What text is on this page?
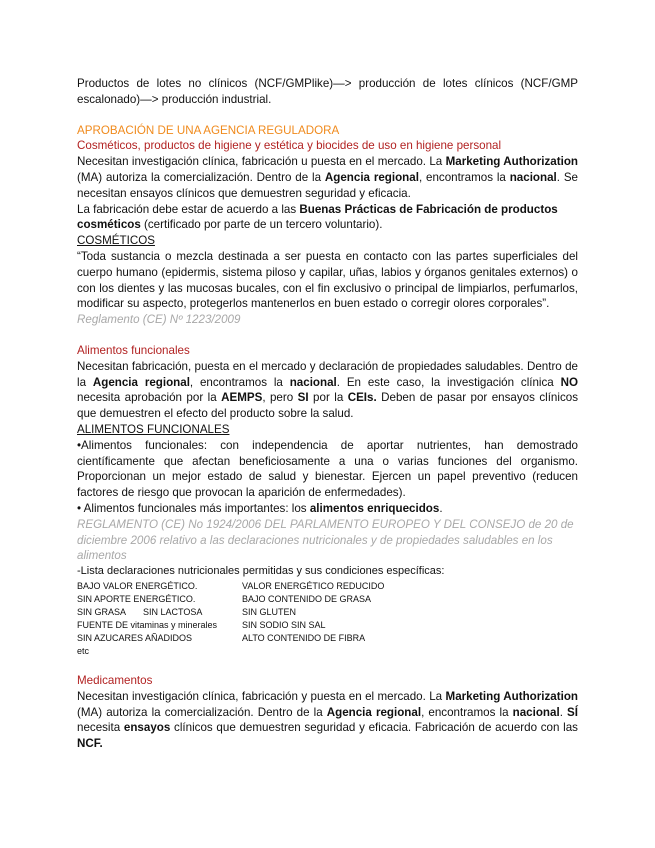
Productos de lotes no clínicos (NCF/GMPlike)—> producción de lotes clínicos (NCF/GMP escalonado)—> producción industrial.

APROBACIÓN DE UNA AGENCIA REGULADORA

Cosméticos, productos de higiene y estética y biocides de uso en higiene personal

Necesitan investigación clínica, fabricación u puesta en el mercado. La Marketing Authorization (MA) autoriza la comercialización. Dentro de la Agencia regional, encontramos la nacional. Se necesitan ensayos clínicos que demuestren seguridad y eficacia.

La fabricación debe estar de acuerdo a las Buenas Prácticas de Fabricación de productos cosméticos (certificado por parte de un tercero voluntario).

COSMÉTICOS

“Toda sustancia o mezcla destinada a ser puesta en contacto con las partes superficiales del cuerpo humano (epidermis, sistema piloso y capilar, uñas, labios y órganos genitales externos) o con los dientes y las mucosas bucales, con el fin exclusivo o principal de limpiarlos, perfumarlos, modificar su aspecto, protegerlos mantenerlos en buen estado o corregir olores corporales”.

Reglamento (CE) Nº 1223/2009

Alimentos funcionales

Necesitan fabricación, puesta en el mercado y declaración de propiedades saludables. Dentro de la Agencia regional, encontramos la nacional. En este caso, la investigación clínica NO necesita aprobación por la AEMPS, pero SI por la CEIs. Deben de pasar por ensayos clínicos que demuestren el efecto del producto sobre la salud.

ALIMENTOS FUNCIONALES

•Alimentos funcionales: con independencia de aportar nutrientes, han demostrado científicamente que afectan beneficiosamente a una o varias funciones del organismo. Proporcionan un mejor estado de salud y bienestar. Ejercen un papel preventivo (reducen factores de riesgo que provocan la aparición de enfermedades).

• Alimentos funcionales más importantes: los alimentos enriquecidos.

REGLAMENTO (CE) No 1924/2006 DEL PARLAMENTO EUROPEO Y DEL CONSEJO de 20 de diciembre 2006 relativo a las declaraciones nutricionales y de propiedades saludables en los alimentos

-Lista declaraciones nutricionales permitidas y sus condiciones específicas:

BAJO VALOR ENERGÉTICO.	VALOR ENERGÉTICO REDUCIDO
SIN APORTE ENERGÉTICO.	BAJO CONTENIDO DE GRASA
SIN GRASA       SIN LACTOSA	SIN GLUTEN
FUENTE DE vitaminas y minerales	SIN SODIO SIN SAL
SIN AZUCARES AÑADIDOS	ALTO CONTENIDO DE FIBRA

etc

Medicamentos

Necesitan investigación clínica, fabricación y puesta en el mercado. La Marketing Authorization (MA) autoriza la comercialización. Dentro de la Agencia regional, encontramos la nacional. SÍ necesita ensayos clínicos que demuestren seguridad y eficacia. Fabricación de acuerdo con las NCF.
